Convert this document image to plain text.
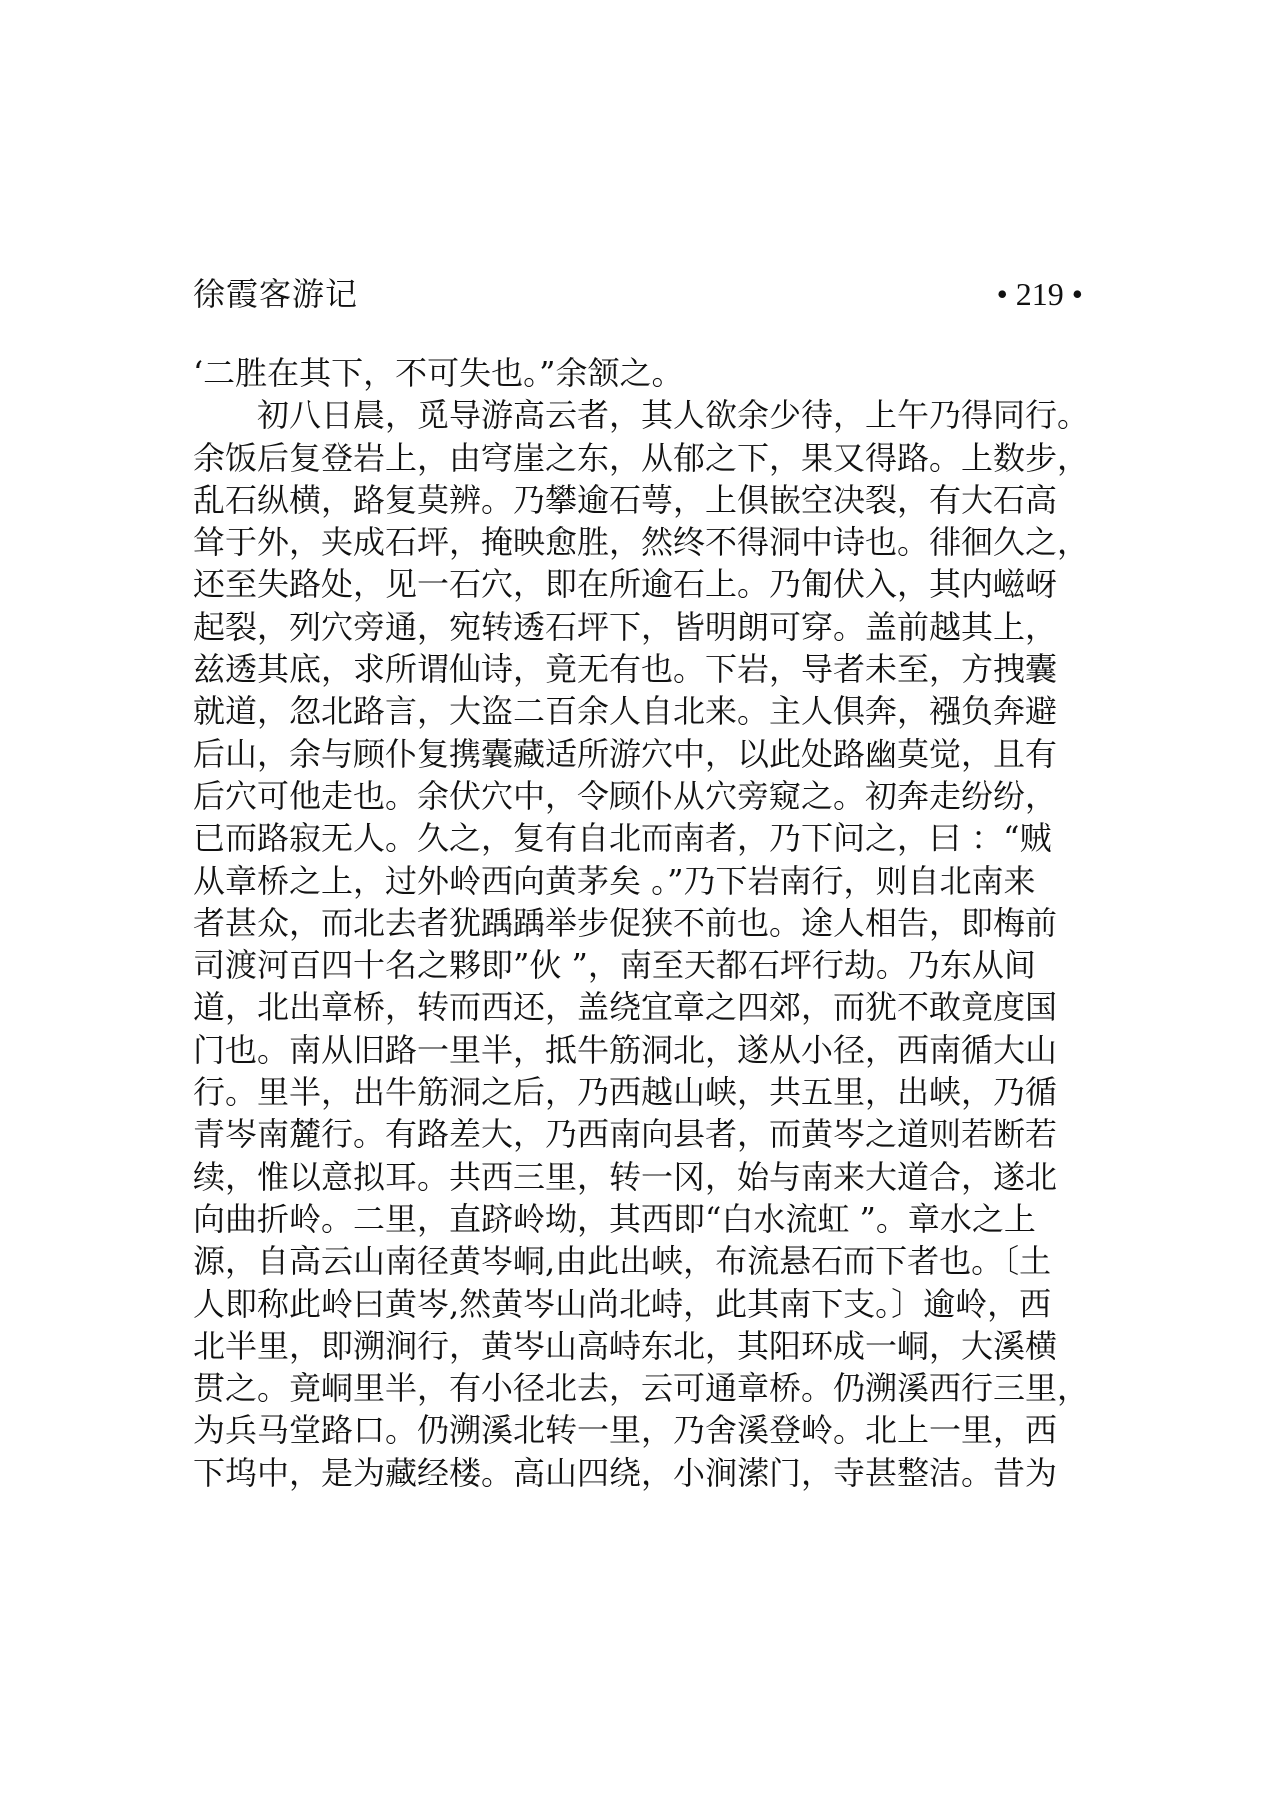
徐霞客游记	• 219 •
‘二胜在其下，不可失也。”余颔之。
　　初八日晨，觅导游高云者，其人欲余少待，上午乃得同行。
余饭后复登岩上，由穹崖之东，从郁之下，果又得路。上数步，
乱石纵横，路复莫辨。乃攀逾石萼，上俱嵌空决裂，有大石高
耸于外，夹成石坪，掩映愈胜，然终不得洞中诗也。徘徊久之，
还至失路处，见一石穴，即在所逾石上。乃匍伏入，其内嵫岈
起裂，列穴旁通，宛转透石坪下，皆明朗可穿。盖前越其上，
兹透其底，求所谓仙诗，竟无有也。下岩，导者未至，方拽囊
就道，忽北路言，大盗二百余人自北来。主人俱奔，襁负奔避
后山，余与顾仆复携囊藏适所游穴中，以此处路幽莫觉，且有
后穴可他走也。余伏穴中，令顾仆从穴旁窥之。初奔走纷纷，
已而路寂无人。久之，复有自北而南者，乃下问之，曰 ：“贼
从章桥之上，过外岭西向黄茅矣 。”乃下岩南行，则自北南来
者甚众，而北去者犹踽踽举步促狭不前也。途人相告，即梅前
司渡河百四十名之夥即”伙 ”，南至天都石坪行劫。乃东从间
道，北出章桥，转而西还，盖绕宜章之四郊，而犹不敢竟度国
门也。南从旧路一里半，抵牛筋洞北，遂从小径，西南循大山
行。里半，出牛筋洞之后，乃西越山峡，共五里，出峡，乃循
青岑南麓行。有路差大，乃西南向县者，而黄岑之道则若断若
续，惟以意拟耳。共西三里，转一冈，始与南来大道合，遂北
向曲折岭。二里，直跻岭坳，其西即“白水流虹 ”。章水之上
源，自高云山南径黄岑峒,由此出峡，布流悬石而下者也。〔土
人即称此岭曰黄岑,然黄岑山尚北峙，此其南下支。〕逾岭，西
北半里，即溯涧行，黄岑山高峙东北，其阳环成一峒，大溪横
贯之。竟峒里半，有小径北去，云可通章桥。仍溯溪西行三里，
为兵马堂路口。仍溯溪北转一里，乃舍溪登岭。北上一里，西
下坞中，是为藏经楼。高山四绕，小涧潆门，寺甚整洁。昔为
